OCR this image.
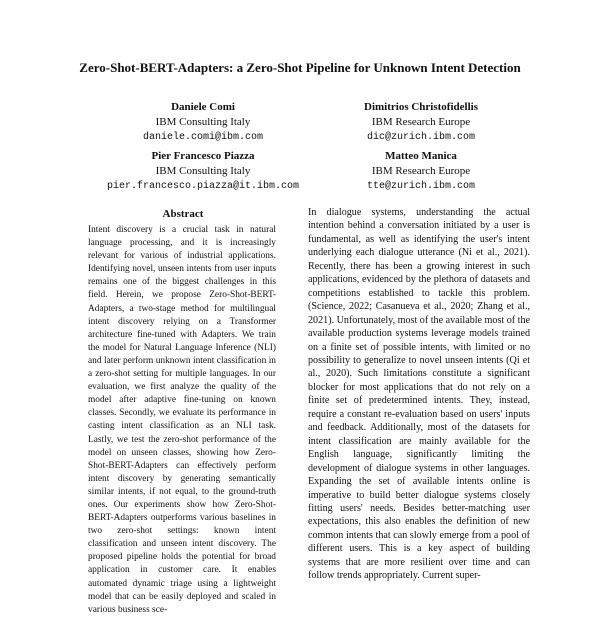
Zero-Shot-BERT-Adapters: a Zero-Shot Pipeline for Unknown Intent Detection
Daniele Comi
IBM Consulting Italy
daniele.comi@ibm.com
Dimitrios Christofidellis
IBM Research Europe
dic@zurich.ibm.com
Pier Francesco Piazza
IBM Consulting Italy
pier.francesco.piazza@it.ibm.com
Matteo Manica
IBM Research Europe
tte@zurich.ibm.com
Abstract
Intent discovery is a crucial task in natural language processing, and it is increasingly relevant for various of industrial applications. Identifying novel, unseen intents from user inputs remains one of the biggest challenges in this field. Herein, we propose Zero-Shot-BERT-Adapters, a two-stage method for multilingual intent discovery relying on a Transformer architecture fine-tuned with Adapters. We train the model for Natural Language Inference (NLI) and later perform unknown intent classification in a zero-shot setting for multiple languages. In our evaluation, we first analyze the quality of the model after adaptive fine-tuning on known classes. Secondly, we evaluate its performance in casting intent classification as an NLI task. Lastly, we test the zero-shot performance of the model on unseen classes, showing how Zero-Shot-BERT-Adapters can effectively perform intent discovery by generating semantically similar intents, if not equal, to the ground-truth ones. Our experiments show how Zero-Shot-BERT-Adapters outperforms various baselines in two zero-shot settings: known intent classification and unseen intent discovery. The proposed pipeline holds the potential for broad application in customer care. It enables automated dynamic triage using a lightweight model that can be easily deployed and scaled in various business sce-
In dialogue systems, understanding the actual intention behind a conversation initiated by a user is fundamental, as well as identifying the user's intent underlying each dialogue utterance (Ni et al., 2021). Recently, there has been a growing interest in such applications, evidenced by the plethora of datasets and competitions established to tackle this problem. (Science, 2022; Casanueva et al., 2020; Zhang et al., 2021). Unfortunately, most of the available most of the available production systems leverage models trained on a finite set of possible intents, with limited or no possibility to generalize to novel unseen intents (Qi et al., 2020). Such limitations constitute a significant blocker for most applications that do not rely on a finite set of predetermined intents. They, instead, require a constant re-evaluation based on users' inputs and feedback. Additionally, most of the datasets for intent classification are mainly available for the English language, significantly limiting the development of dialogue systems in other languages. Expanding the set of available intents online is imperative to build better dialogue systems closely fitting users' needs. Besides better-matching user expectations, this also enables the definition of new common intents that can slowly emerge from a pool of different users. This is a key aspect of building systems that are more resilient over time and can follow trends appropriately. Current super-
